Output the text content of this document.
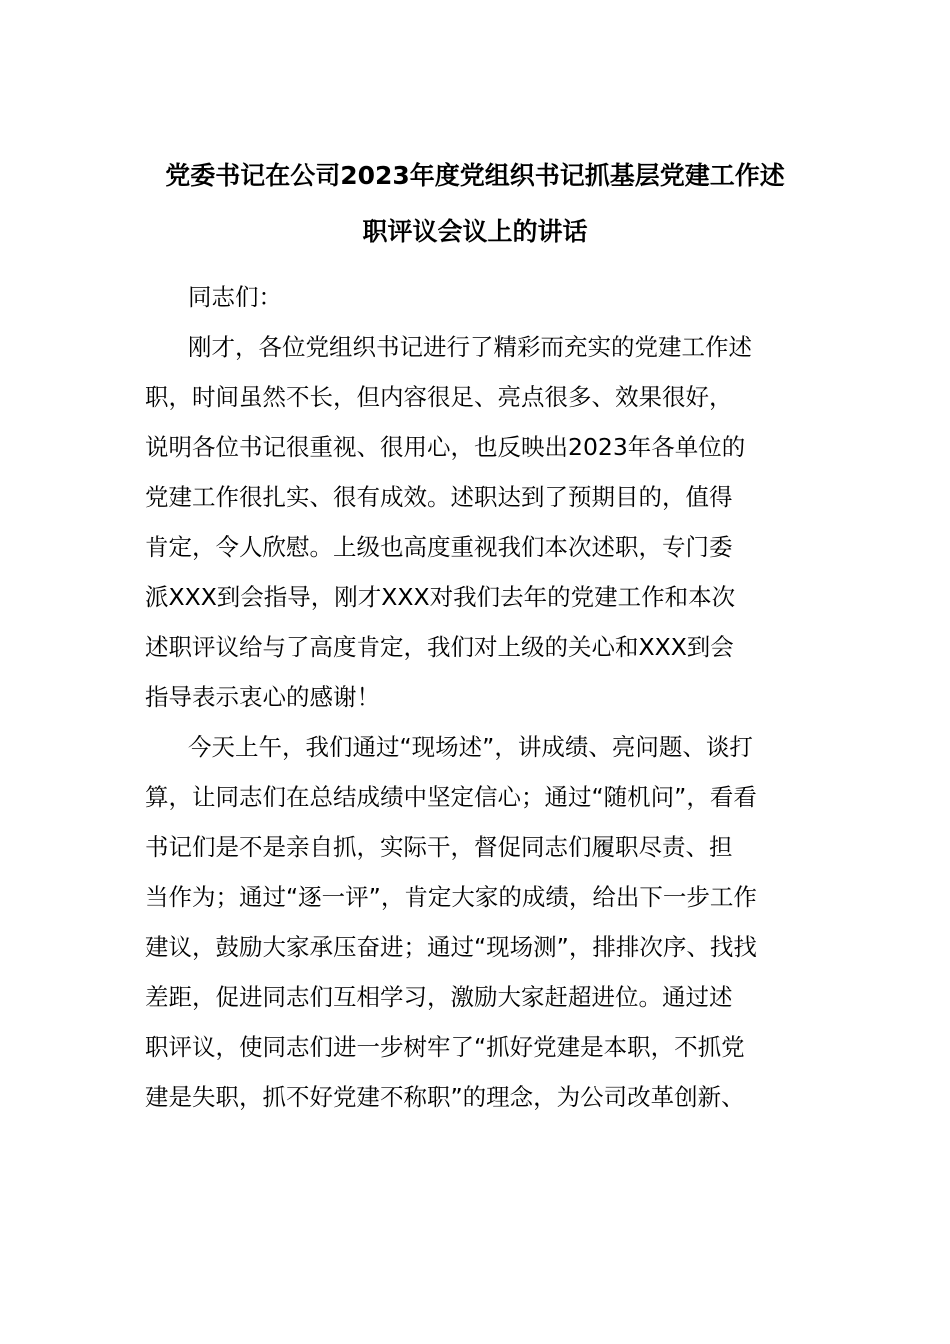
党委书记在公司2023年度党组织书记抓基层党建工作述
职评议会议上的讲话

同志们：

刚才，各位党组织书记进行了精彩而充实的党建工作述
职，时间虽然不长，但内容很足、亮点很多、效果很好，
说明各位书记很重视、很用心，也反映出2023年各单位的
党建工作很扎实、很有成效。述职达到了预期目的，值得
肯定，令人欣慰。上级也高度重视我们本次述职，专门委
派XXX到会指导，刚才XXX对我们去年的党建工作和本次
述职评议给与了高度肯定，我们对上级的关心和XXX到会
指导表示衷心的感谢！

今天上午，我们通过“现场述”，讲成绩、亮问题、谈打
算，让同志们在总结成绩中坚定信心；通过“随机问”，看看
书记们是不是亲自抓，实际干，督促同志们履职尽责、担
当作为；通过“逐一评”，肯定大家的成绩，给出下一步工作
建议，鼓励大家承压奋进；通过“现场测”，排排次序、找找
差距，促进同志们互相学习，激励大家赶超进位。通过述
职评议，使同志们进一步树牢了“抓好党建是本职，不抓党
建是失职，抓不好党建不称职”的理念，为公司改革创新、
